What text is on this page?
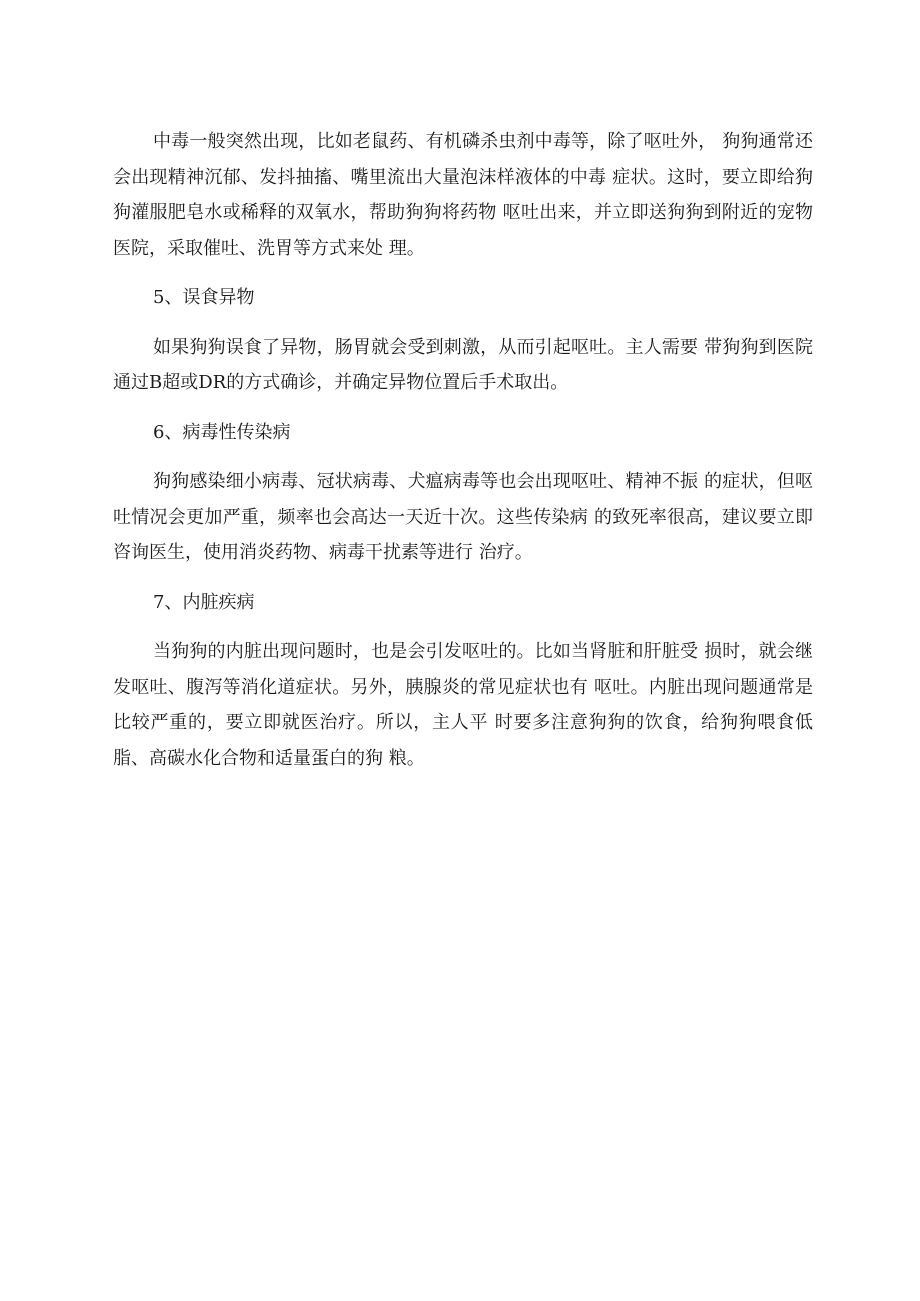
中毒一般突然出现，比如老鼠药、有机磷杀虫剂中毒等，除了呕吐外， 狗狗通常还会出现精神沉郁、发抖抽搐、嘴里流出大量泡沫样液体的中毒 症状。这时，要立即给狗狗灌服肥皂水或稀释的双氧水，帮助狗狗将药物 呕吐出来，并立即送狗狗到附近的宠物医院，采取催吐、洗胃等方式来处 理。

5、误食异物

如果狗狗误食了异物，肠胃就会受到刺激，从而引起呕吐。主人需要 带狗狗到医院通过B超或DR的方式确诊，并确定异物位置后手术取出。

6、病毒性传染病

狗狗感染细小病毒、冠状病毒、犬瘟病毒等也会出现呕吐、精神不振 的症状，但呕吐情况会更加严重，频率也会高达一天近十次。这些传染病 的致死率很高，建议要立即咨询医生，使用消炎药物、病毒干扰素等进行 治疗。

7、内脏疾病

当狗狗的内脏出现问题时，也是会引发呕吐的。比如当肾脏和肝脏受 损时，就会继发呕吐、腹泻等消化道症状。另外，胰腺炎的常见症状也有 呕吐。内脏出现问题通常是比较严重的，要立即就医治疗。所以，主人平 时要多注意狗狗的饮食，给狗狗喂食低脂、高碳水化合物和适量蛋白的狗 粮。
